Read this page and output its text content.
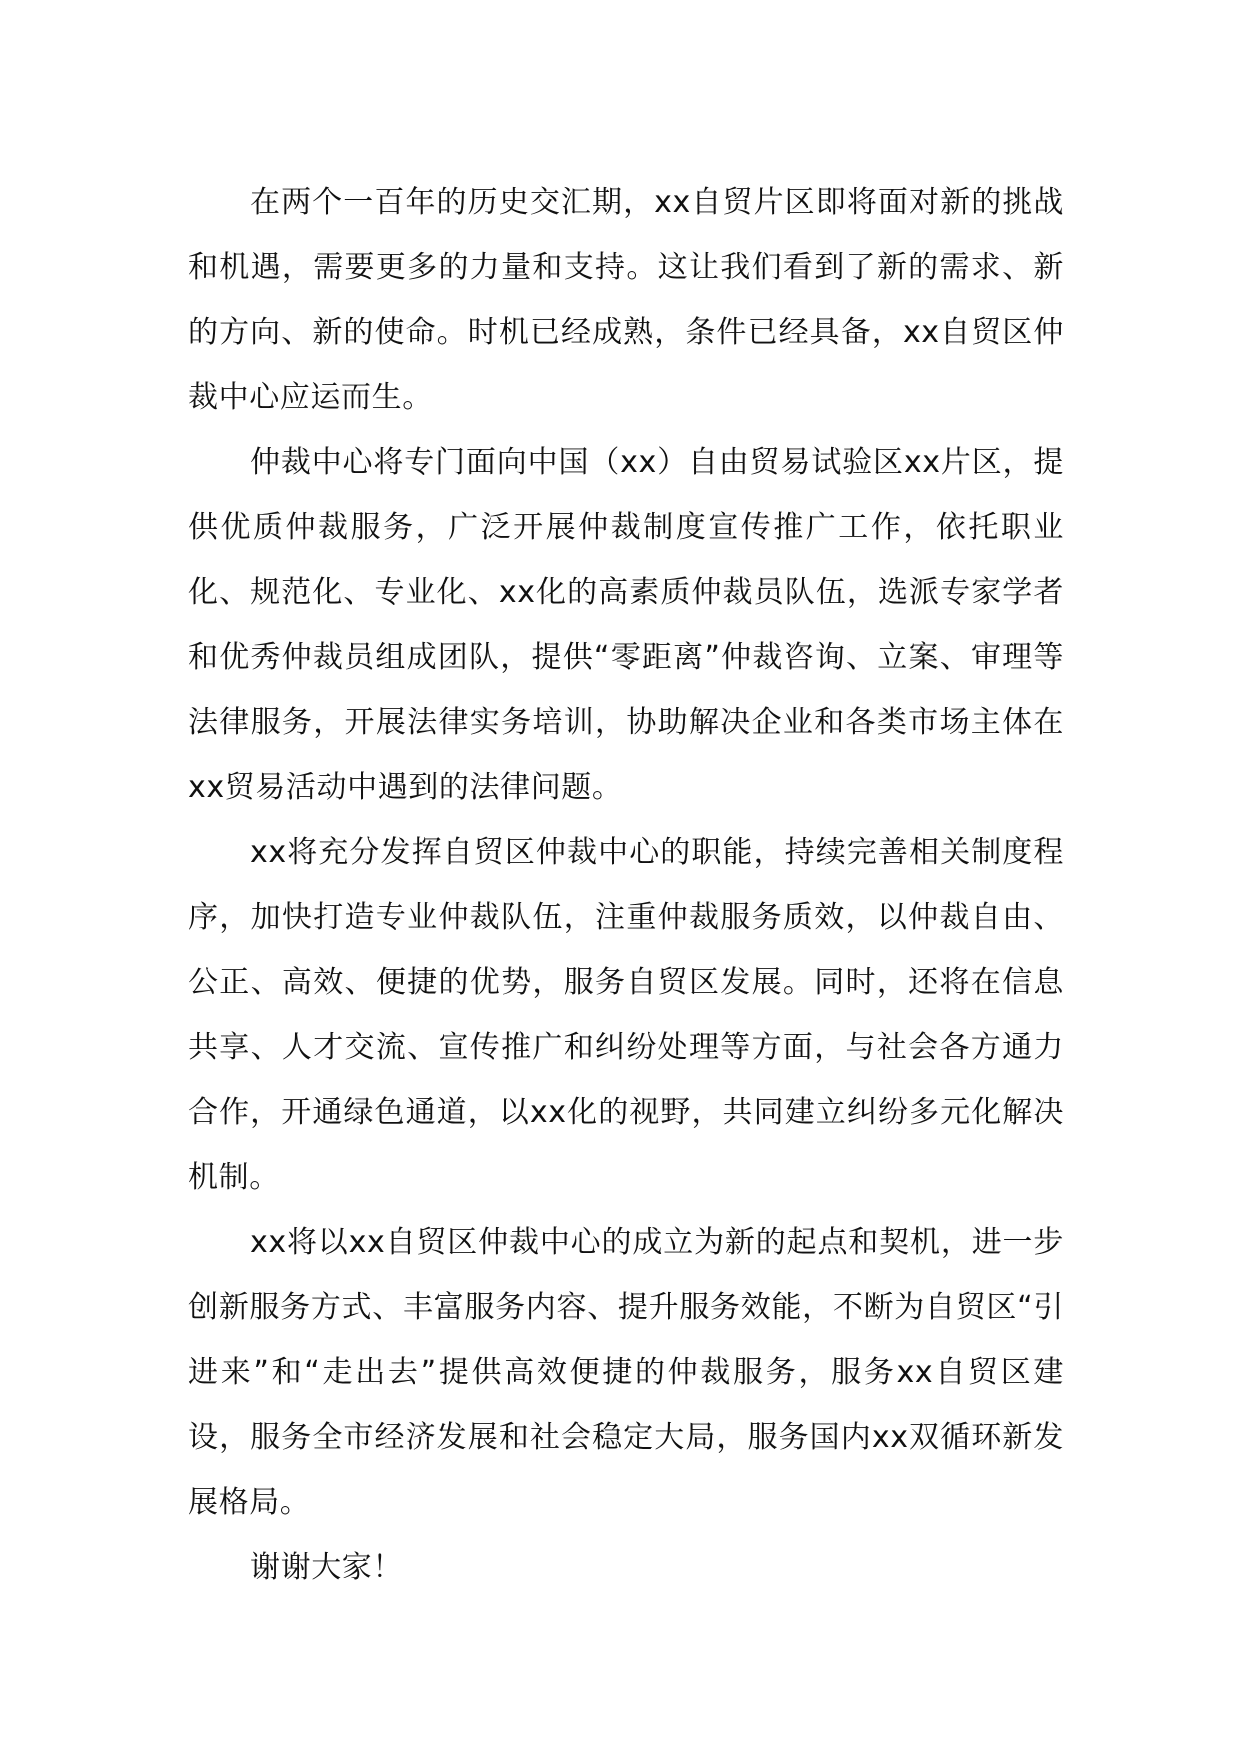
在两个一百年的历史交汇期，xx自贸片区即将面对新的挑战和机遇，需要更多的力量和支持。这让我们看到了新的需求、新的方向、新的使命。时机已经成熟，条件已经具备，xx自贸区仲裁中心应运而生。

仲裁中心将专门面向中国（xx）自由贸易试验区xx片区，提供优质仲裁服务，广泛开展仲裁制度宣传推广工作，依托职业化、规范化、专业化、xx化的高素质仲裁员队伍，选派专家学者和优秀仲裁员组成团队，提供“零距离”仲裁咨询、立案、审理等法律服务，开展法律实务培训，协助解决企业和各类市场主体在xx贸易活动中遇到的法律问题。

xx将充分发挥自贸区仲裁中心的职能，持续完善相关制度程序，加快打造专业仲裁队伍，注重仲裁服务质效，以仲裁自由、公正、高效、便捷的优势，服务自贸区发展。同时，还将在信息共享、人才交流、宣传推广和纠纷处理等方面，与社会各方通力合作，开通绿色通道，以xx化的视野，共同建立纠纷多元化解决机制。

xx将以xx自贸区仲裁中心的成立为新的起点和契机，进一步创新服务方式、丰富服务内容、提升服务效能，不断为自贸区“引进来”和“走出去”提供高效便捷的仲裁服务，服务xx自贸区建设，服务全市经济发展和社会稳定大局，服务国内xx双循环新发展格局。

谢谢大家！
